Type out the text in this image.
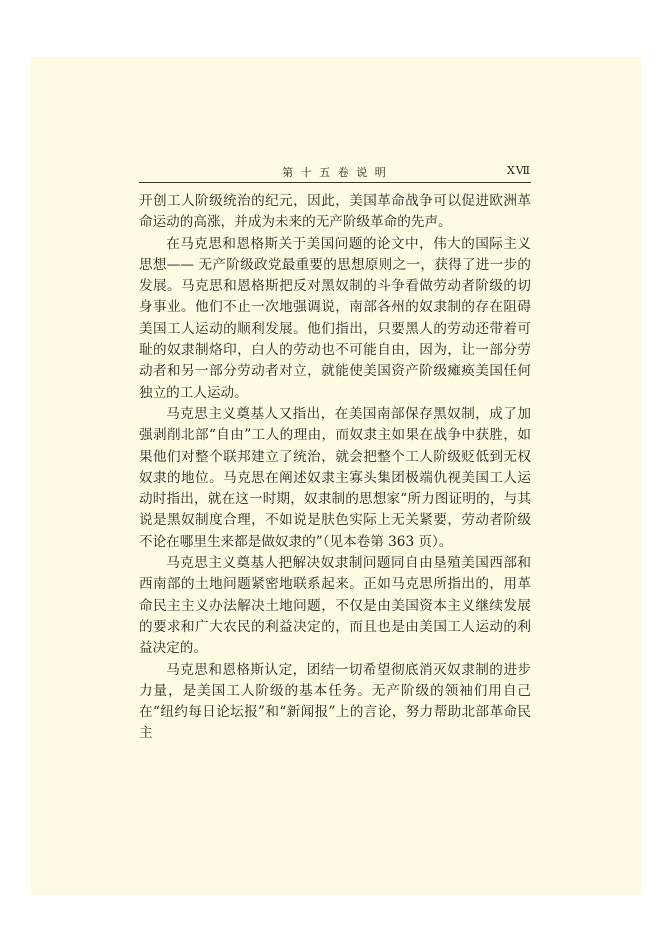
第 十 五 卷 说 明	XⅦ

开创工人阶级统治的纪元，因此，美国革命战争可以促进欧洲革命运动的高涨，并成为未来的无产阶级革命的先声。

在马克思和恩格斯关于美国问题的论文中，伟大的国际主义思想—— 无产阶级政党最重要的思想原则之一，获得了进一步的发展。马克思和恩格斯把反对黑奴制的斗争看做劳动者阶级的切身事业。他们不止一次地强调说，南部各州的奴隶制的存在阻碍美国工人运动的顺利发展。他们指出，只要黑人的劳动还带着可耻的奴隶制烙印，白人的劳动也不可能自由，因为，让一部分劳动者和另一部分劳动者对立，就能使美国资产阶级瘫痪美国任何独立的工人运动。

马克思主义奠基人又指出，在美国南部保存黑奴制，成了加强剥削北部“自由”工人的理由，而奴隶主如果在战争中获胜，如果他们对整个联邦建立了统治，就会把整个工人阶级贬低到无权奴隶的地位。马克思在阐述奴隶主寡头集团极端仇视美国工人运动时指出，就在这一时期，奴隶制的思想家“所力图证明的，与其说是黑奴制度合理，不如说是肤色实际上无关紧要，劳动者阶级不论在哪里生来都是做奴隶的”（见本卷第 363 页）。

马克思主义奠基人把解决奴隶制问题同自由垦殖美国西部和西南部的土地问题紧密地联系起来。正如马克思所指出的，用革命民主主义办法解决土地问题，不仅是由美国资本主义继续发展的要求和广大农民的利益决定的，而且也是由美国工人运动的利益决定的。

马克思和恩格斯认定，团结一切希望彻底消灭奴隶制的进步力量，是美国工人阶级的基本任务。无产阶级的领袖们用自己在“纽约每日论坛报”和“新闻报”上的言论，努力帮助北部革命民主
